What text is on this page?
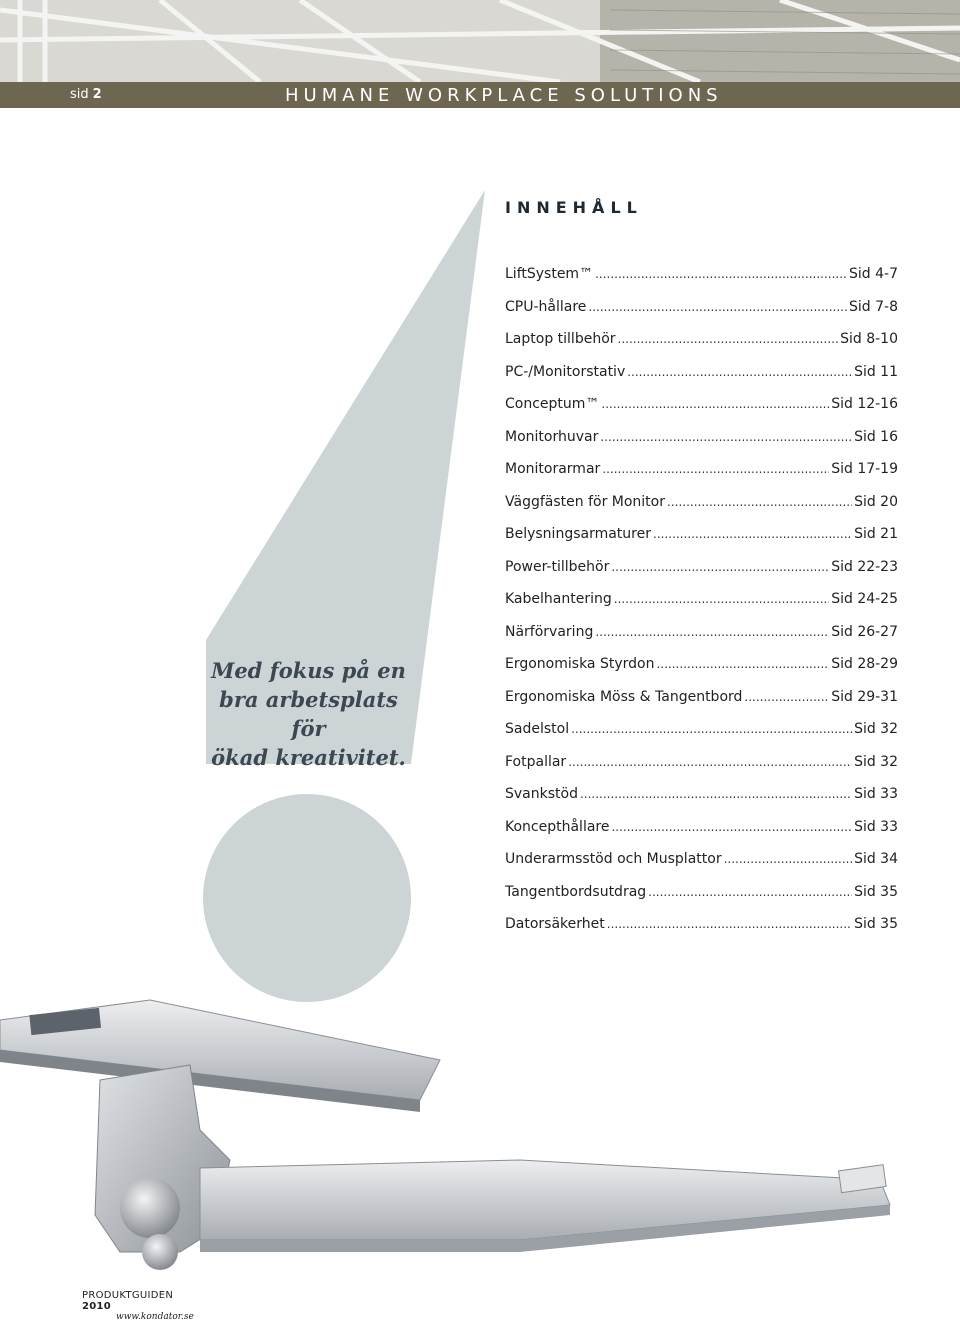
sid 2	HUMANE WORKPLACE SOLUTIONS
INNEHÅLL
Med fokus på en
bra arbetsplats för
ökad kreativitet.
LiftSystem™ .....	Sid 4-7
CPU-hållare .....	Sid 7-8
Laptop tillbehör .....	Sid 8-10
PC-/Monitorstativ .....	Sid 11
Conceptum™ .....	Sid 12-16
Monitorhuvar .....	Sid 16
Monitorarmar .....	Sid 17-19
Väggfästen för Monitor .....	Sid 20
Belysningsarmaturer .....	Sid 21
Power-tillbehör .....	Sid 22-23
Kabelhantering .....	Sid 24-25
Närförvaring .....	Sid 26-27
Ergonomiska Styrdon .....	Sid 28-29
Ergonomiska Möss & Tangentbord .....	Sid 29-31
Sadelstol .....	Sid 32
Fotpallar .....	Sid 32
Svankstöd .....	Sid 33
Koncepthållare .....	Sid 33
Underarmsstöd och Musplattor .....	Sid 34
Tangentbordsutdrag .....	Sid 35
Datorsäkerhet .....	Sid 35
PRODUKTGUIDEN 2010
www.kondator.se
